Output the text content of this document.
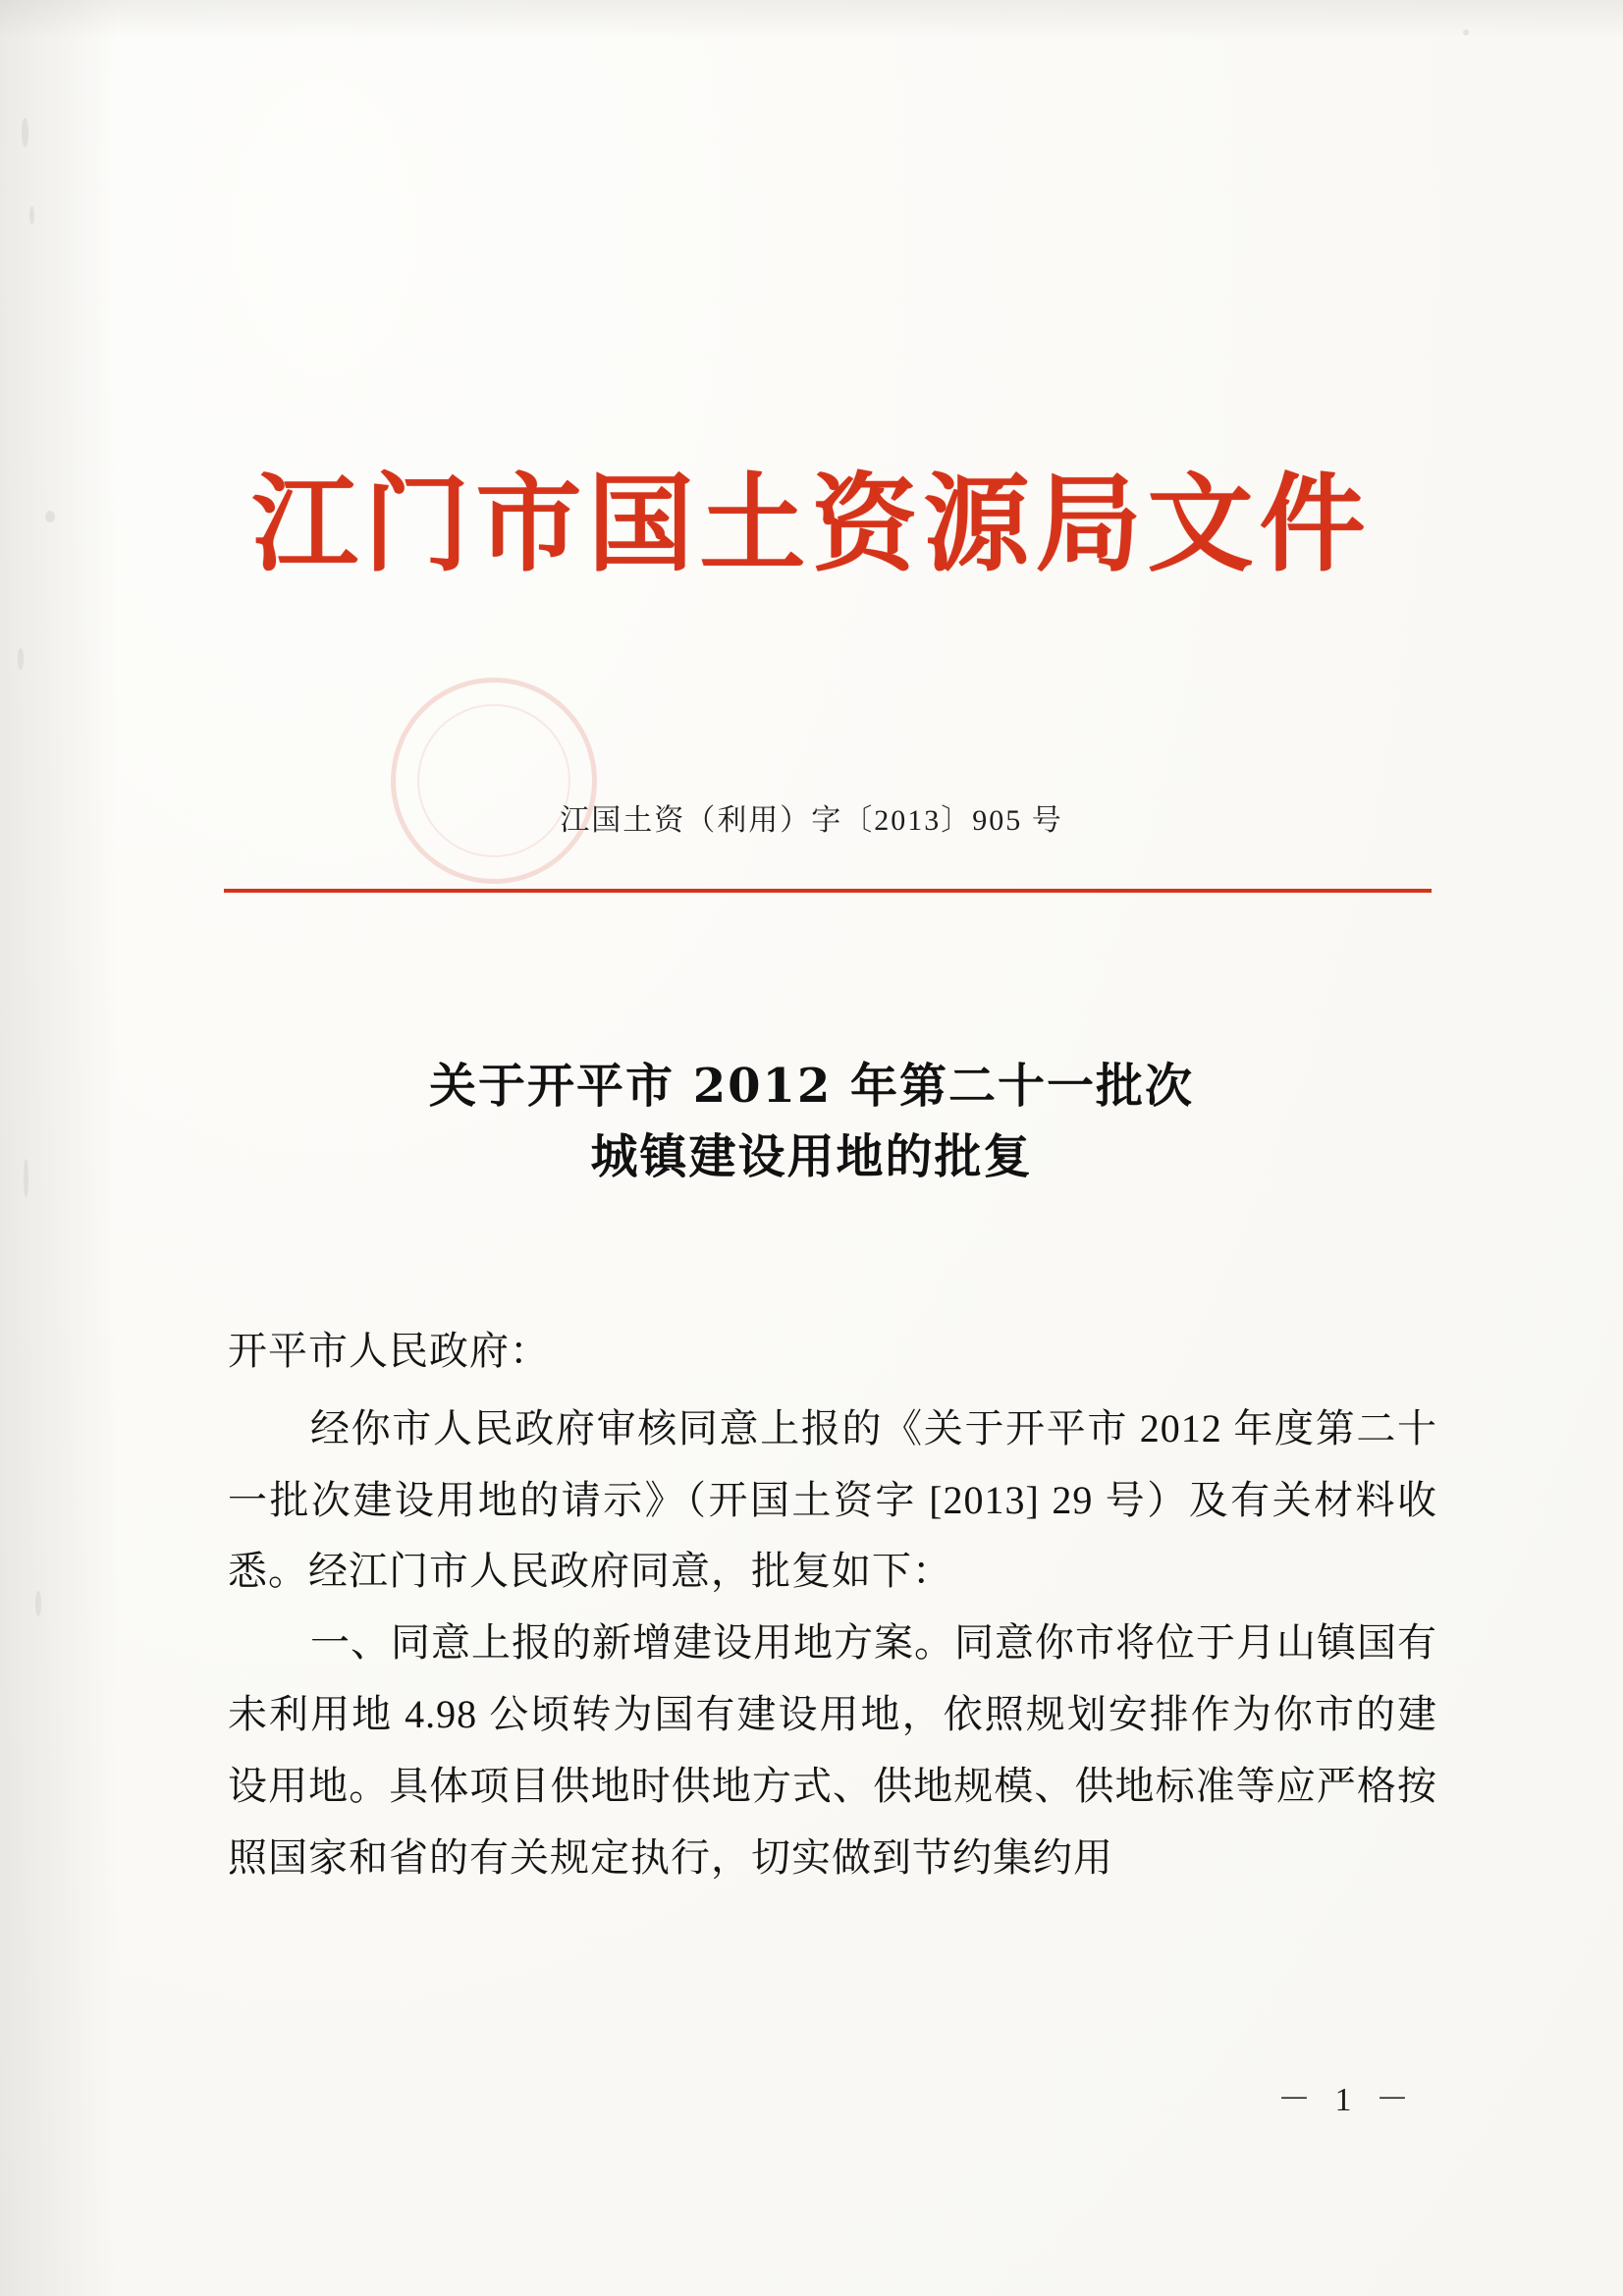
江门市国土资源局文件
江国土资（利用）字〔2013〕905 号
关于开平市 2012 年第二十一批次
城镇建设用地的批复

开平市人民政府：

经你市人民政府审核同意上报的《关于开平市 2012 年度第二十一批次建设用地的请示》（开国土资字 [2013] 29 号）及有关材料收悉。经江门市人民政府同意，批复如下：

一、同意上报的新增建设用地方案。同意你市将位于月山镇国有未利用地 4.98 公顷转为国有建设用地，依照规划安排作为你市的建设用地。具体项目供地时供地方式、供地规模、供地标准等应严格按照国家和省的有关规定执行，切实做到节约集约用

－ 1 －
